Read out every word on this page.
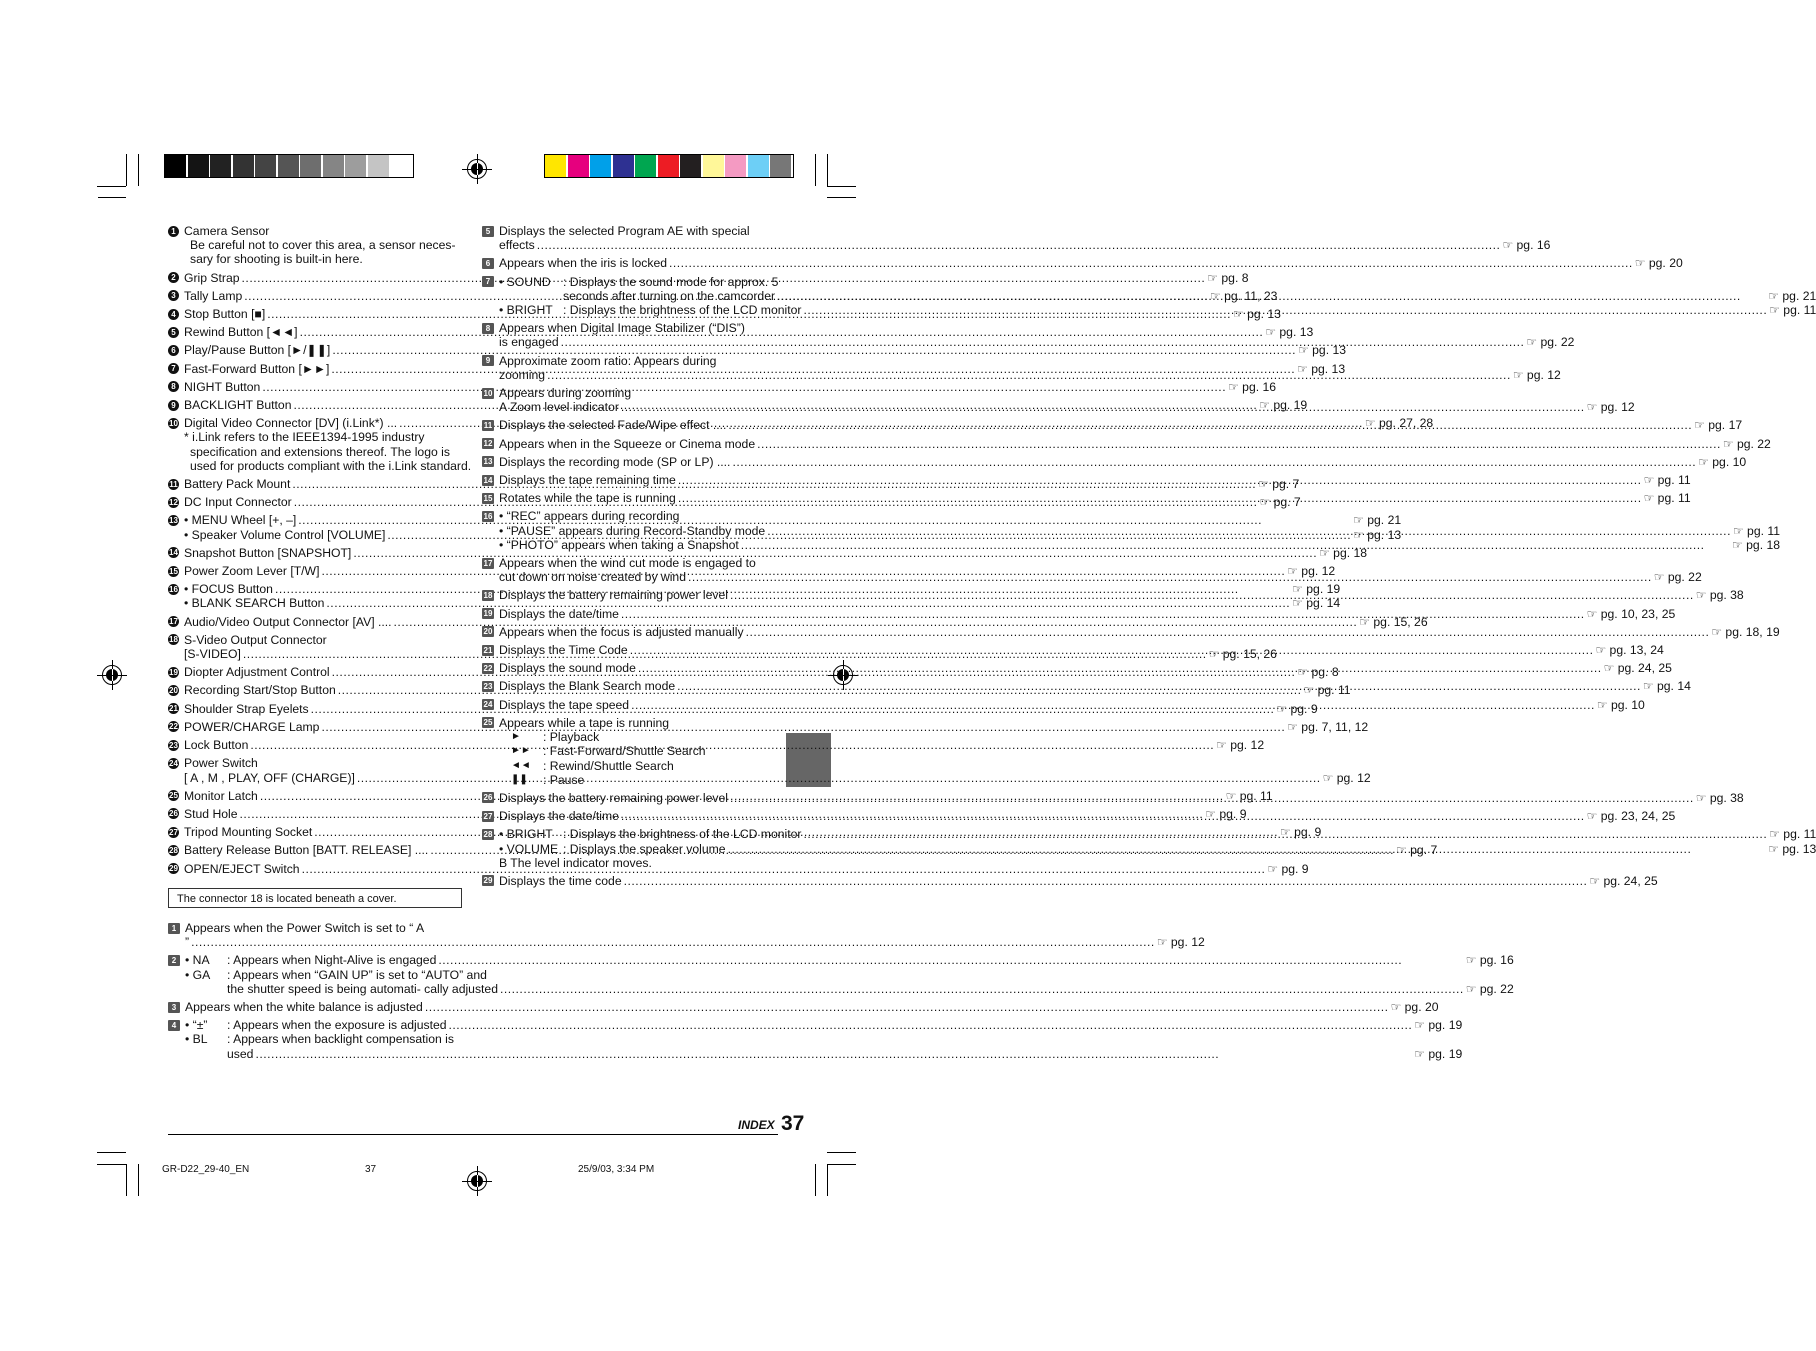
1 Camera Sensor
Be careful not to cover this area, a sensor neces-
sary for shooting is built-in here.
2 Grip Strap .....	☞ pg. 8
3 Tally Lamp .....	☞ pg. 11, 23
4 Stop Button [■] .....	☞ pg. 13
5 Rewind Button [◄◄] .....	☞ pg. 13
6 Play/Pause Button [►/❚❚] .....	☞ pg. 13
7 Fast-Forward Button [►►] .....	☞ pg. 13
8 NIGHT Button .....	☞ pg. 16
9 BACKLIGHT Button .....	☞ pg. 19
10 Digital Video Connector [DV] (i.Link*) ... .....	☞ pg. 27, 28
* i.Link refers to the IEEE1394-1995 industry
specification and extensions thereof. The logo is
used for products compliant with the i.Link standard.
11 Battery Pack Mount .....	☞ pg. 7
12 DC Input Connector .....	☞ pg. 7
13 • MENU Wheel [+, –] .....	☞ pg. 21
• Speaker Volume Control [VOLUME] .....	☞ pg. 13
14 Snapshot Button [SNAPSHOT] .....	☞ pg. 18
15 Power Zoom Lever [T/W] .....	☞ pg. 12
16 • FOCUS Button .....	☞ pg. 19
• BLANK SEARCH Button .....	☞ pg. 14
17 Audio/Video Output Connector [AV] .... .....	☞ pg. 15, 26
18 S-Video Output Connector
[S-VIDEO] .....	☞ pg. 15, 26
19 Diopter Adjustment Control .....	☞ pg. 8
20 Recording Start/Stop Button .....	☞ pg. 11
21 Shoulder Strap Eyelets .....	☞ pg. 9
22 POWER/CHARGE Lamp .....	☞ pg. 7, 11, 12
23 Lock Button .....	☞ pg. 12
24 Power Switch
[ A , M , PLAY, OFF (CHARGE)] .....	☞ pg. 12
25 Monitor Latch .....	☞ pg. 11
26 Stud Hole .....	☞ pg. 9
27 Tripod Mounting Socket .....	☞ pg. 9
28 Battery Release Button [BATT. RELEASE] .... .....	☞ pg. 7
29 OPEN/EJECT Switch .....	☞ pg. 9
The connector 18 is located beneath a cover.
1 Appears when the Power Switch is set to “ A
” .....	☞ pg. 12
2 • NA	: Appears when Night-Alive is engaged .....	☞ pg. 16
• GA	: Appears when “GAIN UP” is set to “AUTO” and
the shutter speed is being automati- cally adjusted .....	☞ pg. 22
3 Appears when the white balance is adjusted .....	☞ pg. 20
4 • “±”	: Appears when the exposure is adjusted .....	☞ pg. 19
• BL	: Appears when backlight compensation is
used .....	☞ pg. 19
5 Displays the selected Program AE with special
effects .....	☞ pg. 16
6 Appears when the iris is locked .....	☞ pg. 20
7 • SOUND	: Displays the sound mode for approx. 5
seconds after turning on the camcorder .....	☞ pg. 21
• BRIGHT : Displays the brightness of the LCD monitor .....	☞ pg. 11
8 Appears when Digital Image Stabilizer (“DIS”)
is engaged .....	☞ pg. 22
9 Approximate zoom ratio: Appears during
zooming .....	☞ pg. 12
10 Appears during zooming
A Zoom level indicator .....	☞ pg. 12
11 Displays the selected Fade/Wipe effect .... .....	☞ pg. 17
12 Appears when in the Squeeze or Cinema mode .....	☞ pg. 22
13 Displays the recording mode (SP or LP) .... .....	☞ pg. 10
14 Displays the tape remaining time .....	☞ pg. 11
15 Rotates while the tape is running .....	☞ pg. 11
16 • “REC” appears during recording
• “PAUSE” appears during Record-Standby mode .....	☞ pg. 11
• “PHOTO” appears when taking a Snapshot .....	☞ pg. 18
17 Appears when the wind cut mode is engaged to
cut down on noise created by wind .....	☞ pg. 22
18 Displays the battery remaining power level .....	☞ pg. 38
19 Displays the date/time .....	☞ pg. 10, 23, 25
20 Appears when the focus is adjusted manually .....	☞ pg. 18, 19
21 Displays the Time Code .....	☞ pg. 13, 24
22 Displays the sound mode .....	☞ pg. 24, 25
23 Displays the Blank Search mode .....	☞ pg. 14
24 Displays the tape speed .....	☞ pg. 10
25 Appears while a tape is running
►	: Playback
►►	: Fast-Forward/Shuttle Search
◄◄	: Rewind/Shuttle Search
❚❚	: Pause
26 Displays the battery remaining power level .....	☞ pg. 38
27 Displays the date/time .....	☞ pg. 23, 24, 25
28 • BRIGHT : Displays the brightness of the LCD monitor .....	☞ pg. 11
• VOLUME : Displays the speaker volume .....	☞ pg. 13
B The level indicator moves.
29 Displays the time code .....	☞ pg. 24, 25
INDEX 37
GR-D22_29-40_EN	37	25/9/03, 3:34 PM
